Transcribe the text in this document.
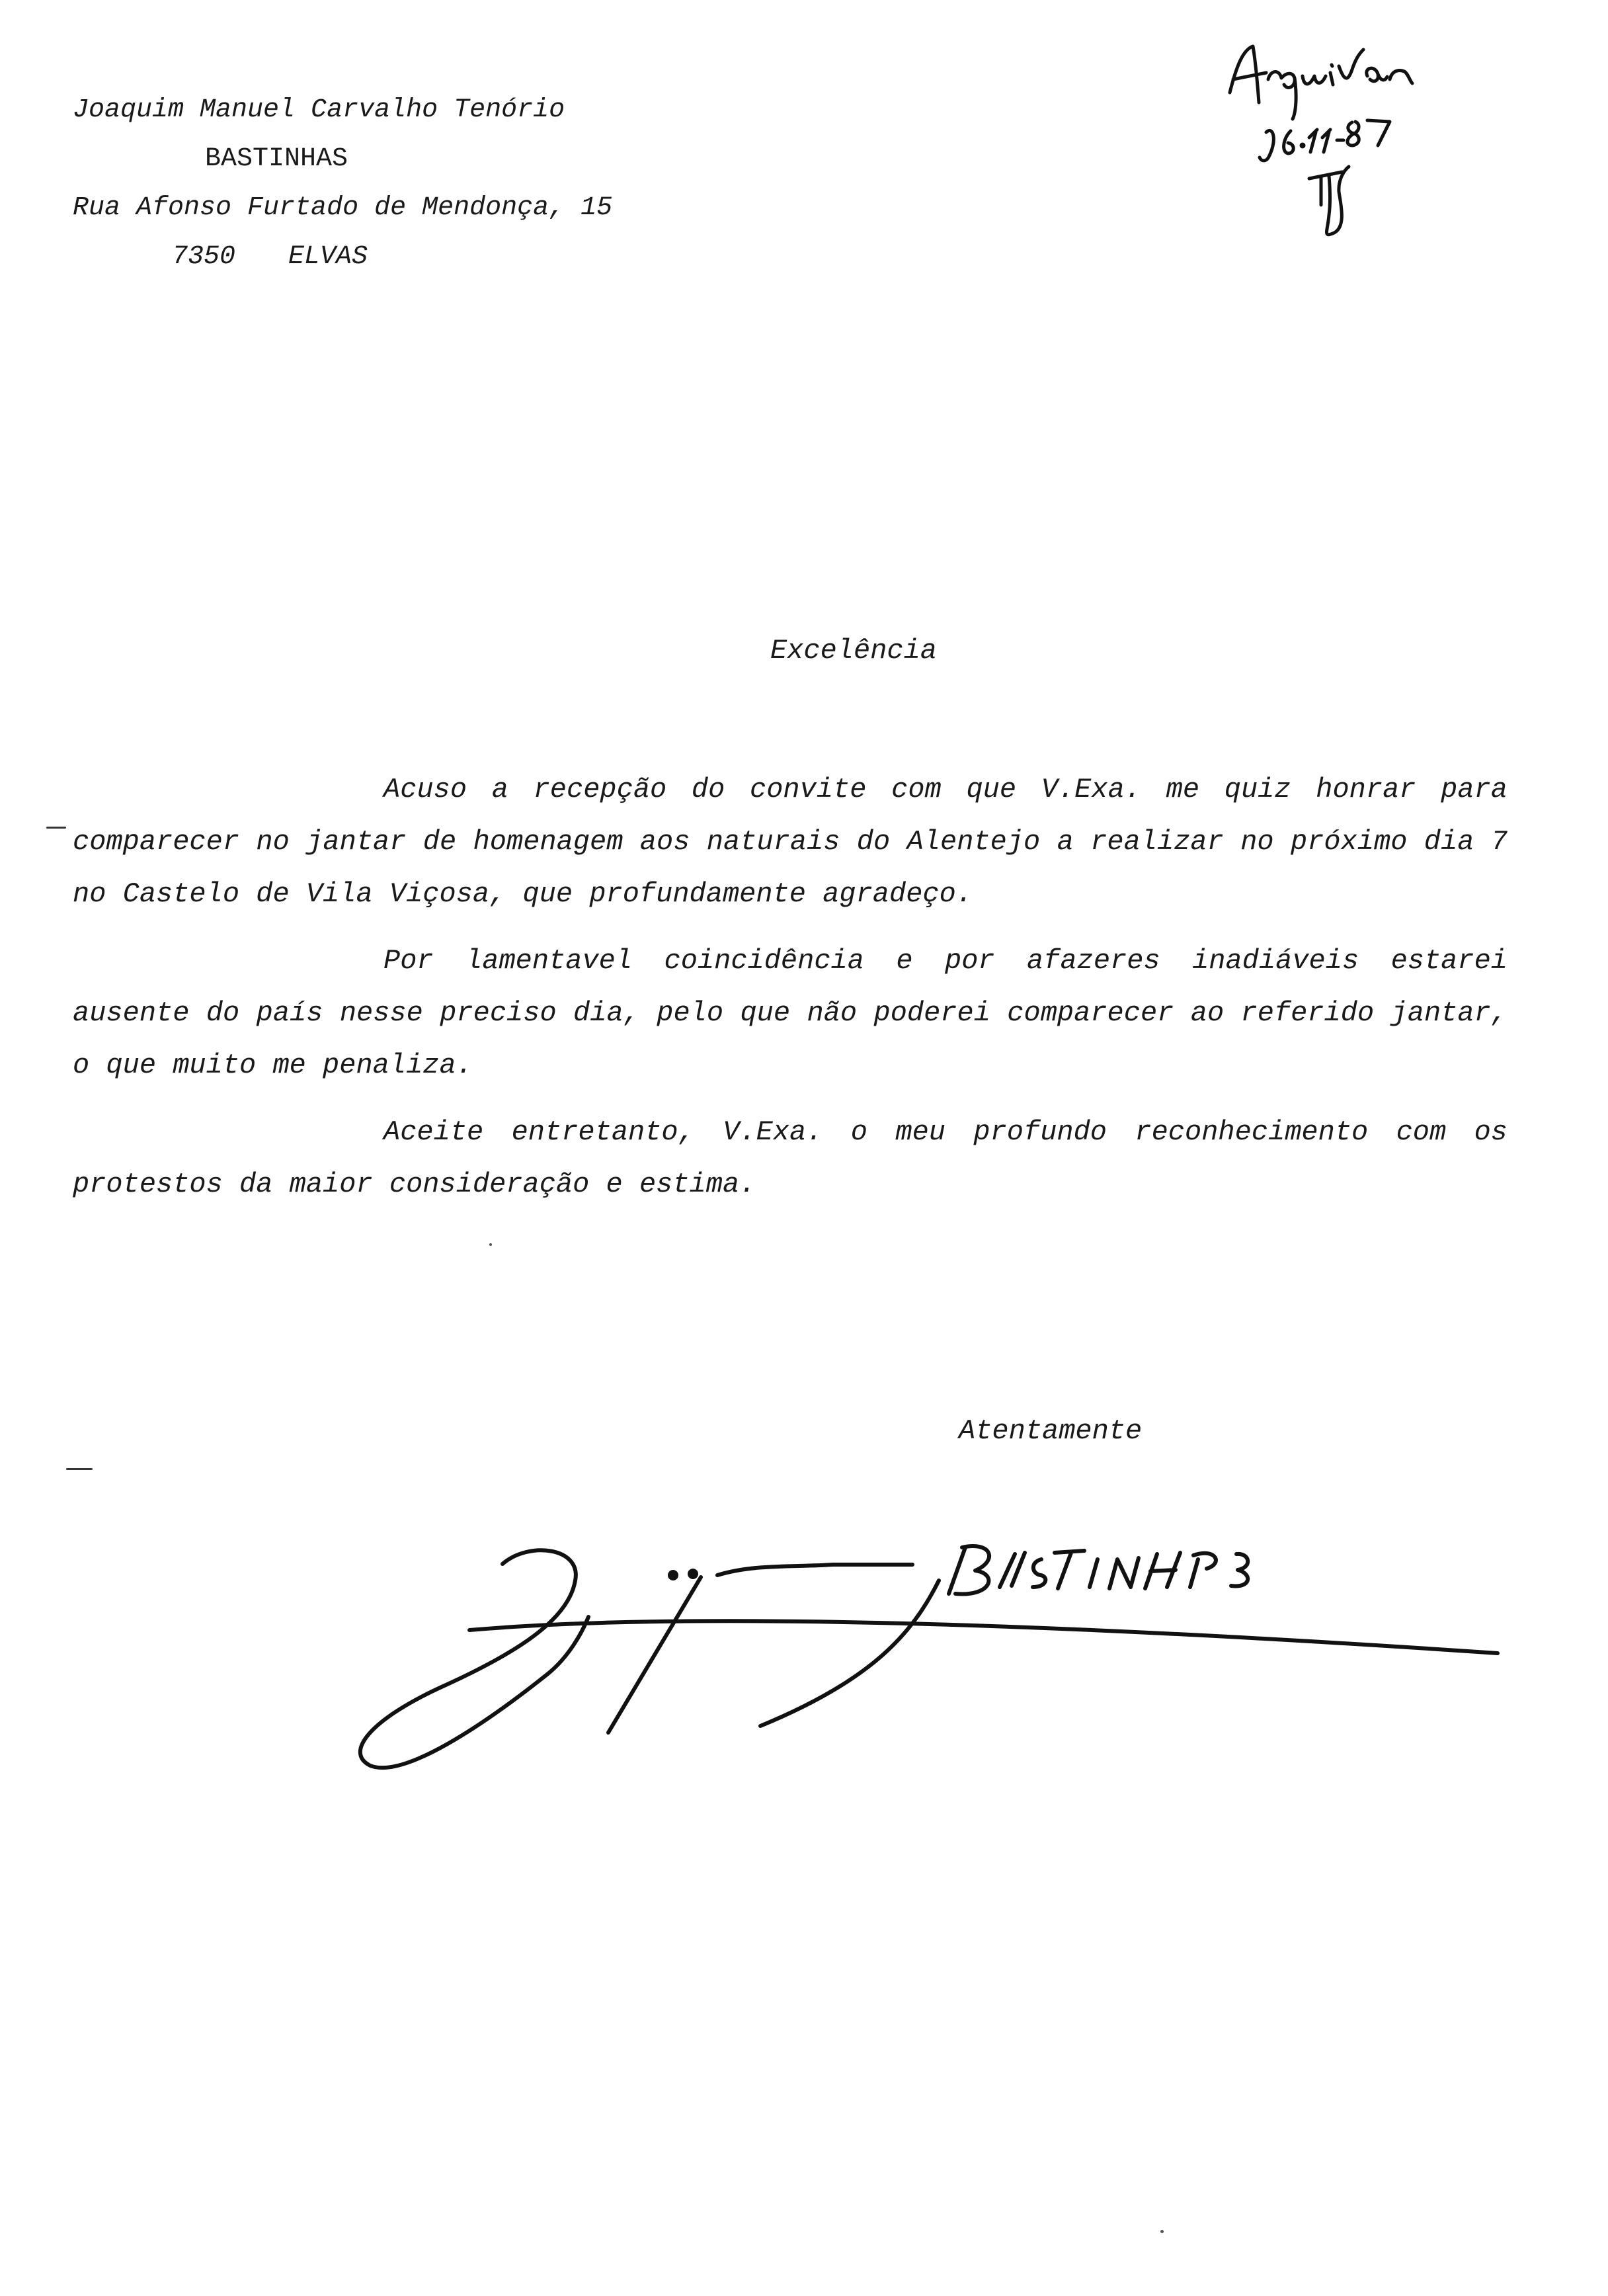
Joaquim Manuel Carvalho Tenório
BASTINHAS
Rua Afonso Furtado de Mendonça, 15
7350 ELVAS
Excelência

Acuso a recepção do convite com que V.Exa. me quiz honrar para comparecer no jantar de homenagem aos naturais do Alentejo a realizar no próximo dia 7 no Castelo de Vila Viçosa, que profundamente agradeço.

Por lamentavel coincidência e por afazeres inadiáveis estarei ausente do país nesse preciso dia, pelo que não poderei comparecer ao referido jantar, o que muito me penaliza.

Aceite entretanto, V.Exa. o meu profundo reconhecimento com os protestos da maior consideração e estima.

Atentamente
